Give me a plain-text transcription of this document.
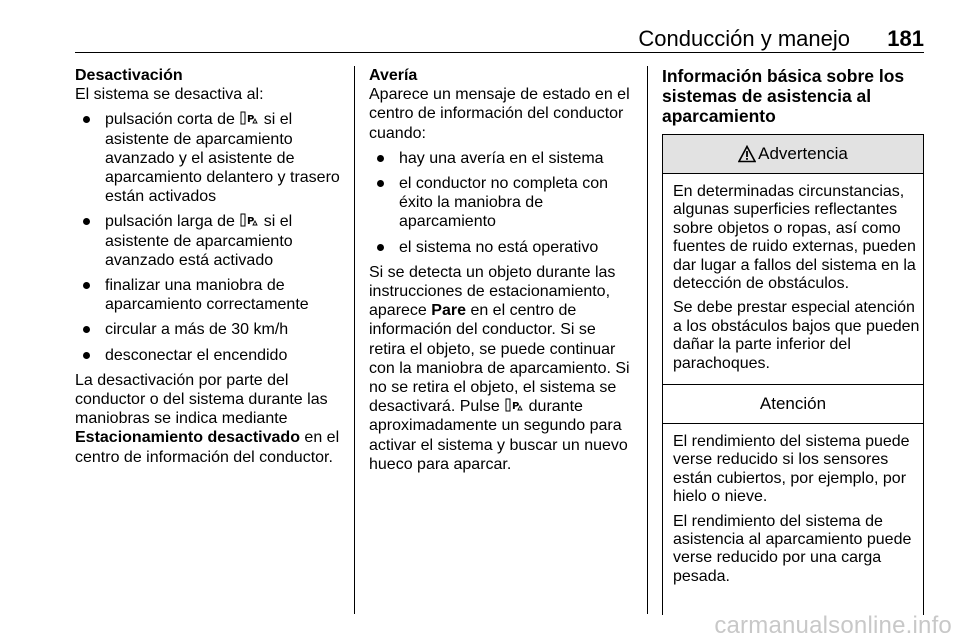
Conducción y manejo 181
Desactivación

El sistema se desactiva al:

pulsación corta de P si el asistente de aparcamiento avanzado y el asistente de aparcamiento delantero y trasero están activados
pulsación larga de P si el asistente de aparcamiento avanzado está activado
finalizar una maniobra de aparcamiento correctamente
circular a más de 30 km/h
desconectar el encendido

La desactivación por parte del conductor o del sistema durante las maniobras se indica mediante Estacionamiento desactivado en el centro de información del conductor.

Avería

Aparece un mensaje de estado en el centro de información del conductor cuando:

hay una avería en el sistema
el conductor no completa con éxito la maniobra de aparcamiento
el sistema no está operativo

Si se detecta un objeto durante las instrucciones de estacionamiento, aparece Pare en el centro de información del conductor. Si se retira el objeto, se puede continuar con la maniobra de aparcamiento. Si no se retira el objeto, el sistema se desactivará. Pulse P durante aproximadamente un segundo para activar el sistema y buscar un nuevo hueco para aparcar.

Información básica sobre los sistemas de asistencia al aparcamiento
Advertencia

En determinadas circunstancias, algunas superficies reflectantes sobre objetos o ropas, así como fuentes de ruido externas, pueden dar lugar a fallos del sistema en la detección de obstáculos.

Se debe prestar especial atención a los obstáculos bajos que pueden dañar la parte inferior del parachoques.

Atención

El rendimiento del sistema puede verse reducido si los sensores están cubiertos, por ejemplo, por hielo o nieve.

El rendimiento del sistema de asistencia al aparcamiento puede verse reducido por una carga pesada.

carmanualsonline.info
